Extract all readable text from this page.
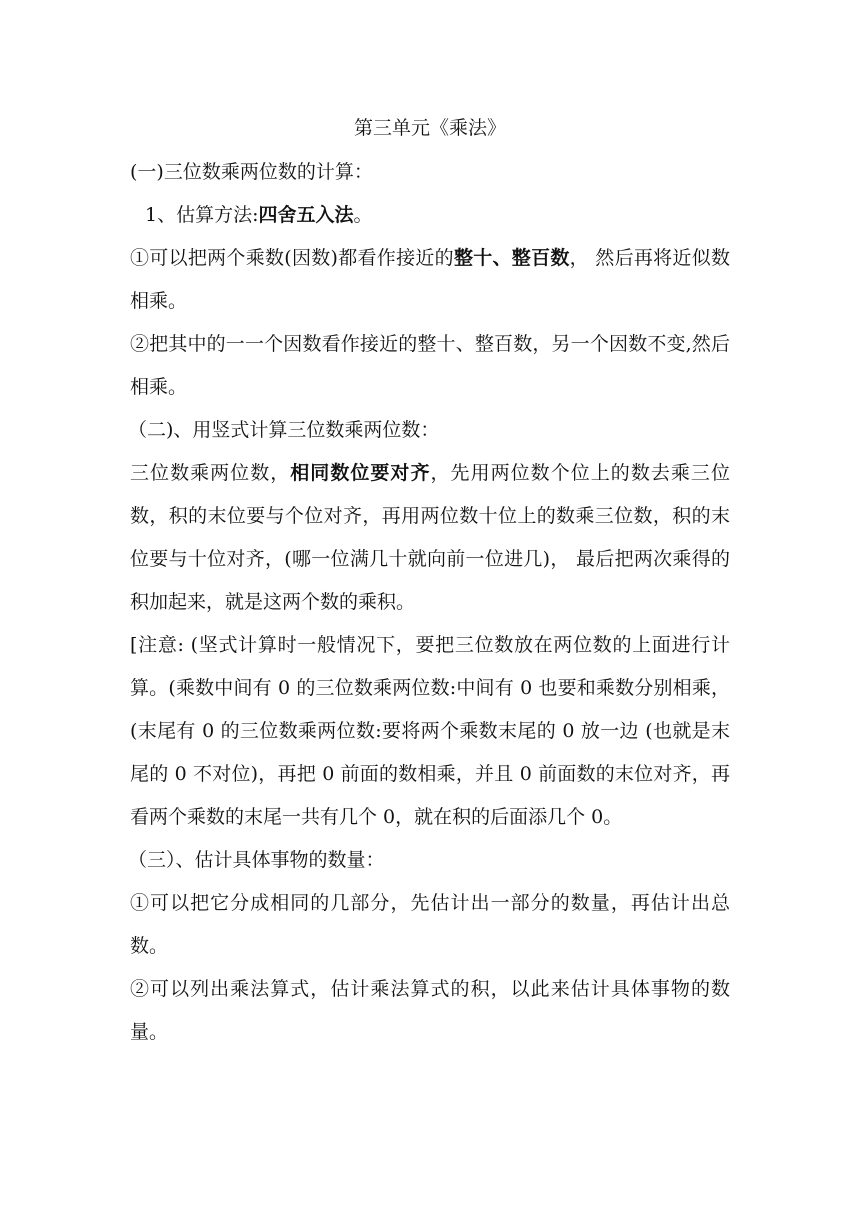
第三单元《乘法》

(一)三位数乘两位数的计算：

1、估算方法:四舍五入法。

①可以把两个乘数(因数)都看作接近的整十、整百数， 然后再将近似数相乘。

②把其中的一一个因数看作接近的整十、整百数，另一个因数不变,然后相乘。

（二)、用竖式计算三位数乘两位数：

三位数乘两位数，相同数位要对齐，先用两位数个位上的数去乘三位数，积的末位要与个位对齐，再用两位数十位上的数乘三位数，积的末位要与十位对齐，(哪一位满几十就向前一位进几)， 最后把两次乘得的积加起来，就是这两个数的乘积。

[注意: (坚式计算时一般情况下，要把三位数放在两位数的上面进行计算。(乘数中间有 0 的三位数乘两位数:中间有 0 也要和乘数分别相乘，(末尾有 0 的三位数乘两位数:要将两个乘数末尾的 0 放一边 (也就是末尾的 0 不对位)，再把 0 前面的数相乘，并且 0 前面数的末位对齐，再看两个乘数的末尾一共有几个 0，就在积的后面添几个 0。

（三）、估计具体事物的数量：

①可以把它分成相同的几部分，先估计出一部分的数量，再估计出总数。

②可以列出乘法算式，估计乘法算式的积，以此来估计具体事物的数量。
